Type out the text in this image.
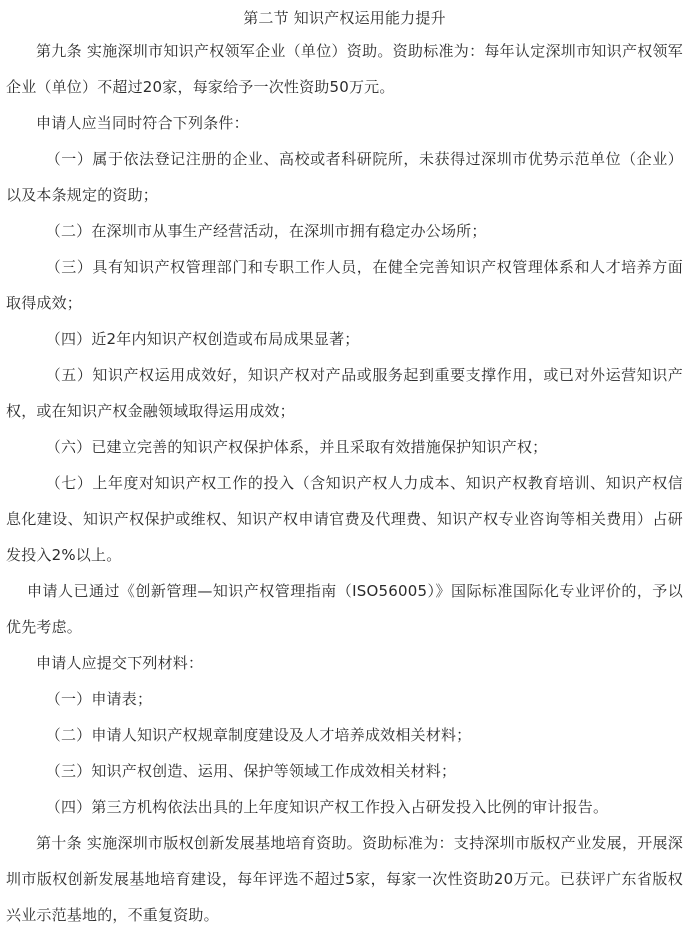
第二节 知识产权运用能力提升

第九条 实施深圳市知识产权领军企业（单位）资助。资助标准为：每年认定深圳市知识产权领军企业（单位）不超过20家，每家给予一次性资助50万元。

申请人应当同时符合下列条件：

（一）属于依法登记注册的企业、高校或者科研院所，未获得过深圳市优势示范单位（企业）以及本条规定的资助；

（二）在深圳市从事生产经营活动，在深圳市拥有稳定办公场所；

（三）具有知识产权管理部门和专职工作人员，在健全完善知识产权管理体系和人才培养方面取得成效；

（四）近2年内知识产权创造或布局成果显著；

（五）知识产权运用成效好，知识产权对产品或服务起到重要支撑作用，或已对外运营知识产权，或在知识产权金融领域取得运用成效；

（六）已建立完善的知识产权保护体系，并且采取有效措施保护知识产权；

（七）上年度对知识产权工作的投入（含知识产权人力成本、知识产权教育培训、知识产权信息化建设、知识产权保护或维权、知识产权申请官费及代理费、知识产权专业咨询等相关费用）占研发投入2%以上。

申请人已通过《创新管理—知识产权管理指南（ISO56005）》国际标准国际化专业评价的，予以优先考虑。

申请人应提交下列材料：

（一）申请表；

（二）申请人知识产权规章制度建设及人才培养成效相关材料；

（三）知识产权创造、运用、保护等领域工作成效相关材料；

（四）第三方机构依法出具的上年度知识产权工作投入占研发投入比例的审计报告。

第十条 实施深圳市版权创新发展基地培育资助。资助标准为：支持深圳市版权产业发展，开展深圳市版权创新发展基地培育建设，每年评选不超过5家，每家一次性资助20万元。已获评广东省版权兴业示范基地的，不重复资助。
